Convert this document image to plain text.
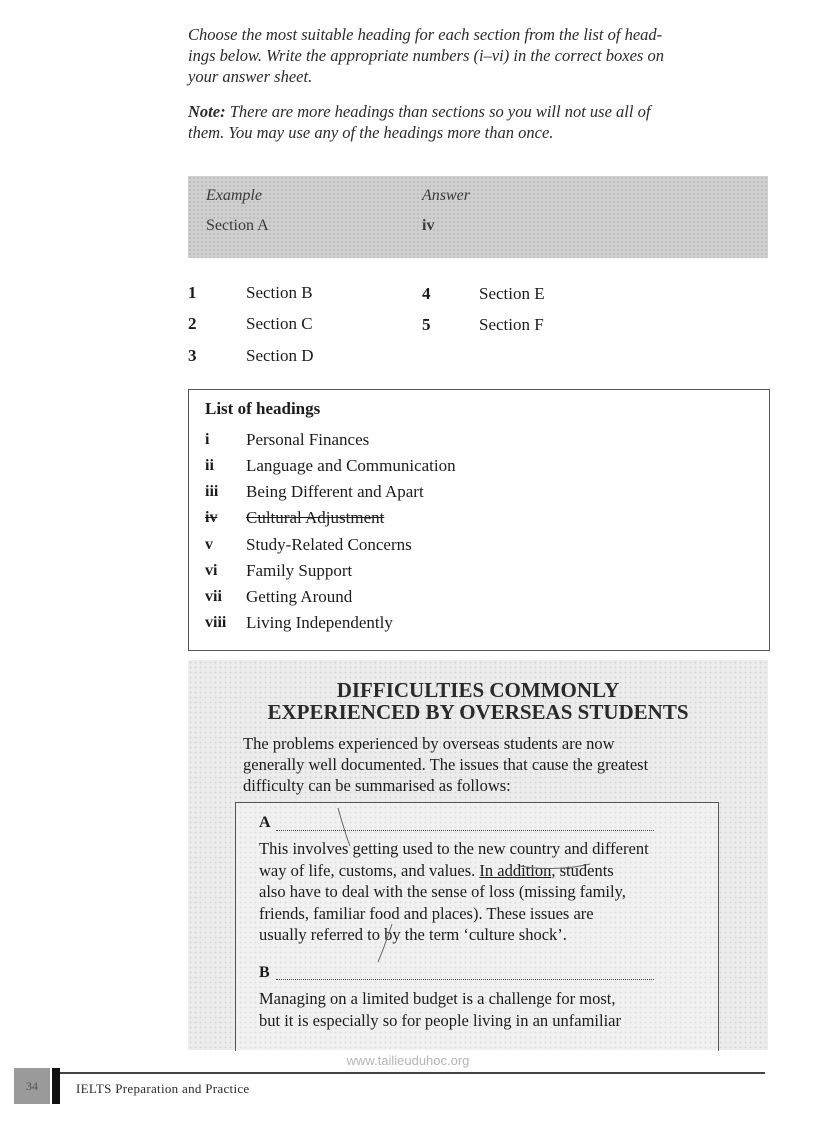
Choose the most suitable heading for each section from the list of head-
ings below. Write the appropriate numbers (i–vi) in the correct boxes on
your answer sheet.
Note: There are more headings than sections so you will not use all of
them. You may use any of the headings more than once.
Example	Answer
Section A	iv
1	Section B
2	Section C
3	Section D
4	Section E
5	Section F
List of headings
i Personal Finances
ii Language and Communication
iii Being Different and Apart
iv Cultural Adjustment
v Study-Related Concerns
vi Family Support
vii Getting Around
viii Living Independently
DIFFICULTIES COMMONLY
EXPERIENCED BY OVERSEAS STUDENTS
The problems experienced by overseas students are now
generally well documented. The issues that cause the greatest
difficulty can be summarised as follows:
A
This involves getting used to the new country and different
way of life, customs, and values. In addition, students
also have to deal with the sense of loss (missing family,
friends, familiar food and places). These issues are
usually referred to by the term ‘culture shock’.
B
Managing on a limited budget is a challenge for most,
but it is especially so for people living in an unfamiliar
www.tailieuduhoc.org
34	IELTS Preparation and Practice
